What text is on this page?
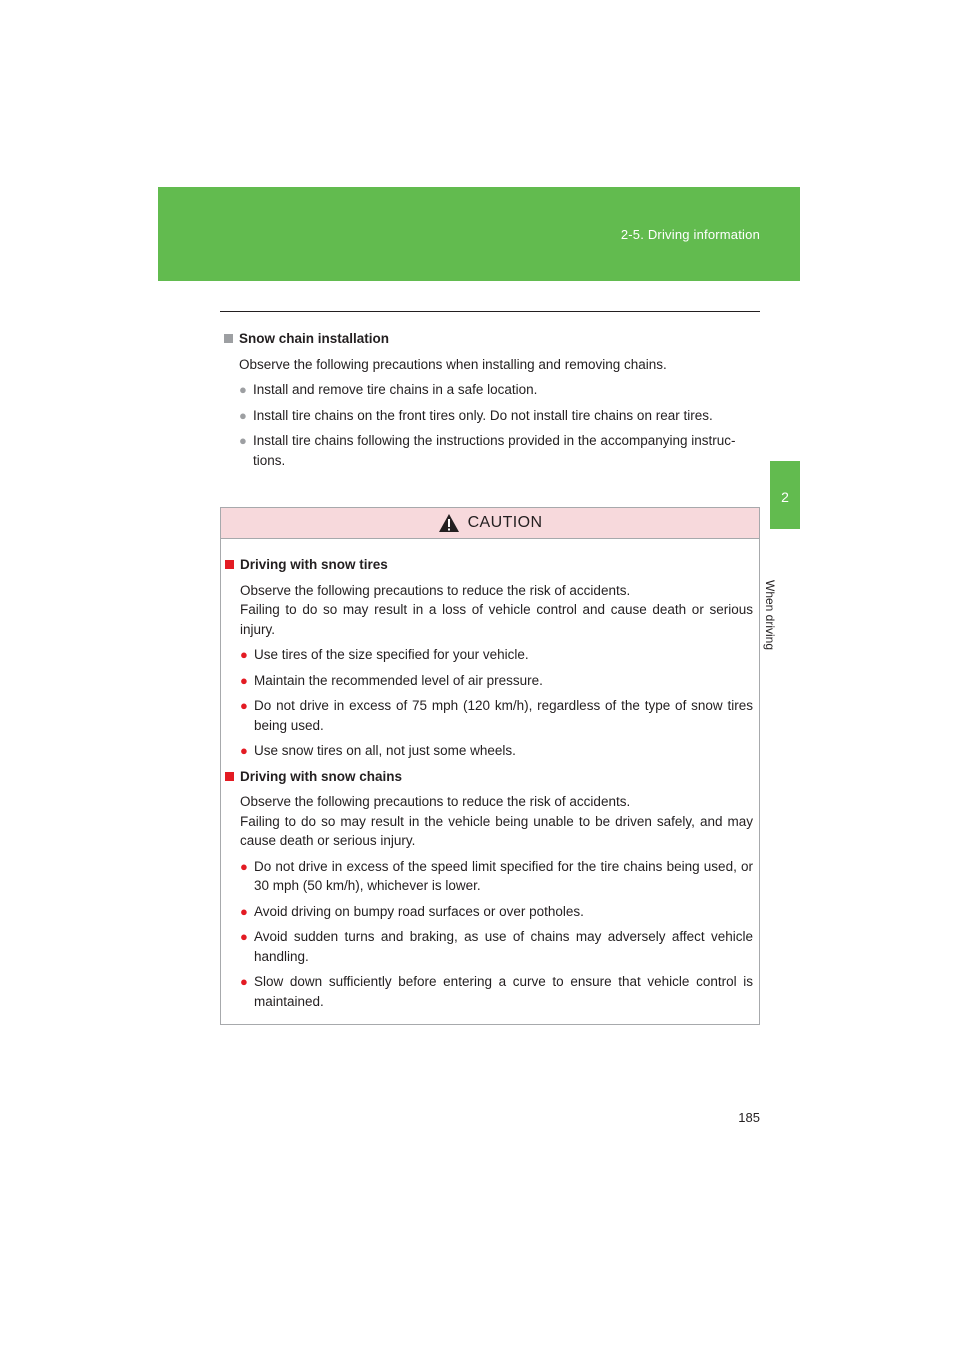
2-5. Driving information
2
When driving
Snow chain installation
Observe the following precautions when installing and removing chains.
● Install and remove tire chains in a safe location.
● Install tire chains on the front tires only. Do not install tire chains on rear tires.
● Install tire chains following the instructions provided in the accompanying instruc-tions.
CAUTION
Driving with snow tires
Observe the following precautions to reduce the risk of accidents.
Failing to do so may result in a loss of vehicle control and cause death or serious injury.
● Use tires of the size specified for your vehicle.
● Maintain the recommended level of air pressure.
● Do not drive in excess of 75 mph (120 km/h), regardless of the type of snow tires being used.
● Use snow tires on all, not just some wheels.
Driving with snow chains
Observe the following precautions to reduce the risk of accidents.
Failing to do so may result in the vehicle being unable to be driven safely, and may cause death or serious injury.
● Do not drive in excess of the speed limit specified for the tire chains being used, or 30 mph (50 km/h), whichever is lower.
● Avoid driving on bumpy road surfaces or over potholes.
● Avoid sudden turns and braking, as use of chains may adversely affect vehicle handling.
● Slow down sufficiently before entering a curve to ensure that vehicle control is maintained.
185
